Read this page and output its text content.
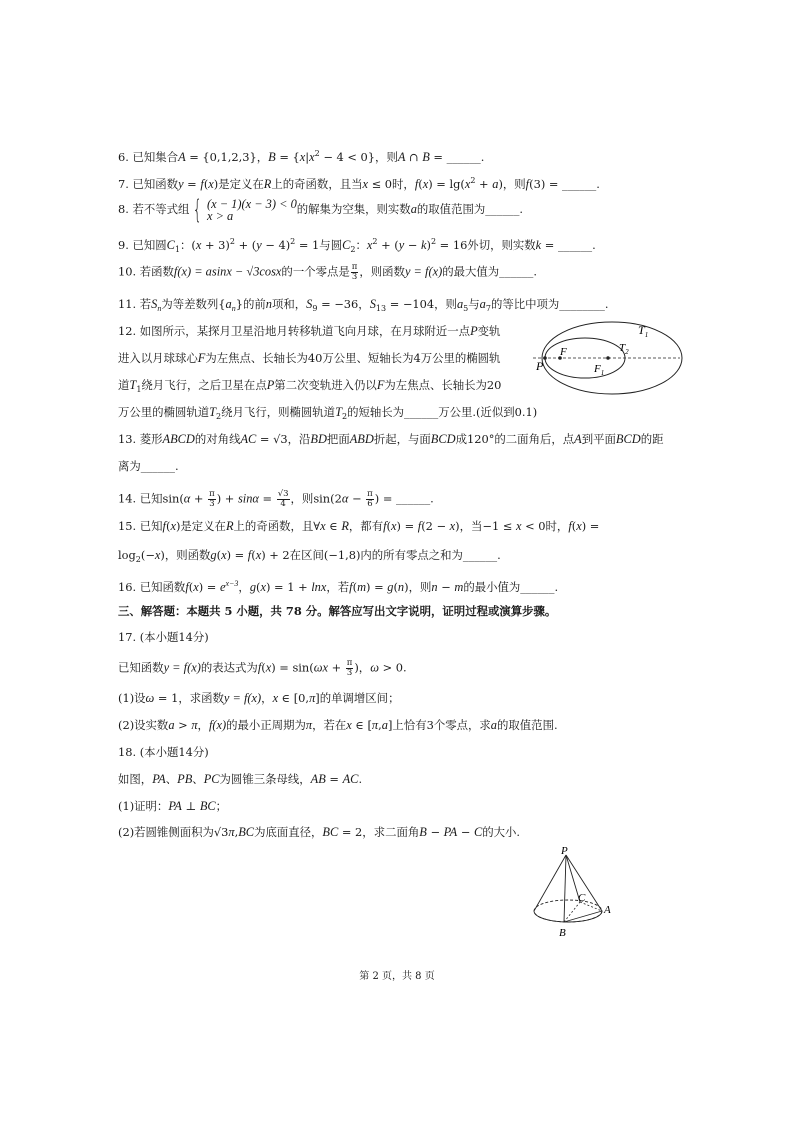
6. 已知集合A = {0,1,2,3}，$B = \{x|x^2 - 4 < 0\}$，则A ∩ B = ______.
7. 已知函数y = f(x)是定义在R上的奇函数，且当x ≤ 0时，$f(x) = \lg(x^2 + a)$，则f(3) = ______.
8. 若不等式组 { (x − 1)(x − 3) < 0
x > a	的解集为空集，则实数a的取值范围为______.
9. 已知圆$C_1$：$(x + 3)^2 + (y - 4)^2 = 1$与圆$C_2$：$x^2 + (y - k)^2 = 16$外切，则实数k = ______.
10. 若函数f(x) = asinx − √3cosx的一个零点是 $\frac{\pi}{3}$ ，则函数y = f(x)的最大值为______.
11. 若$S_n$为等差数列$\{a_n\}$的前n项和，$S_9 = -36$，$S_{13} = -104$，则$a_5$与$a_7$的等比中项为________.
12. 如图所示，某探月卫星沿地月转移轨道飞向月球，在月球附近一点P变轨
进入以月球球心F为左焦点、长轴长为40万公里、短轴长为4万公里的椭圆轨
道$T_1$绕月飞行，之后卫星在点P第二次变轨进入仍以F为左焦点、长轴长为20
万公里的椭圆轨道$T_2$绕月飞行，则椭圆轨道$T_2$的短轴长为______万公里.(近似到0.1)
$T_1$
$T_2$
F
$F_1$
P
13. 菱形ABCD的对角线AC = √3，沿BD把面ABD折起，与面BCD成120°的二面角后，点A到平面BCD的距
离为______.
14. 已知$\sin(\alpha + \frac{\pi}{3}$ ) + $\sin\alpha = \frac{√3}{4}$ ，则$\sin(2\alpha - \frac{\pi}{6}$ ) = ______.
15. 已知f(x)是定义在R上的奇函数，且∀x ∈ R，都有f(x) = f(2 − x)，当−1 ≤ x < 0时，f(x) =
$\log_2(-x)$，则函数g(x) = f(x) + 2在区间(−1,8)内的所有零点之和为______.
16. 已知函数$f(x) = e^{x-3}$，g(x) = 1 + lnx，若f(m) = g(n)，则n − m的最小值为______.
三、解答题：本题共 5 小题，共 78 分。解答应写出文字说明，证明过程或演算步骤。
17. (本小题14分)
已知函数y = f(x)的表达式为$f(x) = \sin(\omega x + \frac{\pi}{3}$ )，ω > 0.
(1)设ω = 1，求函数y = f(x)，x ∈ [0,π]的单调增区间；
(2)设实数a > π，f(x)的最小正周期为π，若在x ∈ [π,a]上恰有3个零点，求a的取值范围.
18. (本小题14分)
如图，PA、PB、PC为圆锥三条母线，AB = AC.
(1)证明：PA ⊥ BC；
(2)若圆锥侧面积为√3π,BC为底面直径，BC = 2，求二面角B − PA − C的大小.
P
A
B
C
第 2 页，共 8 页
